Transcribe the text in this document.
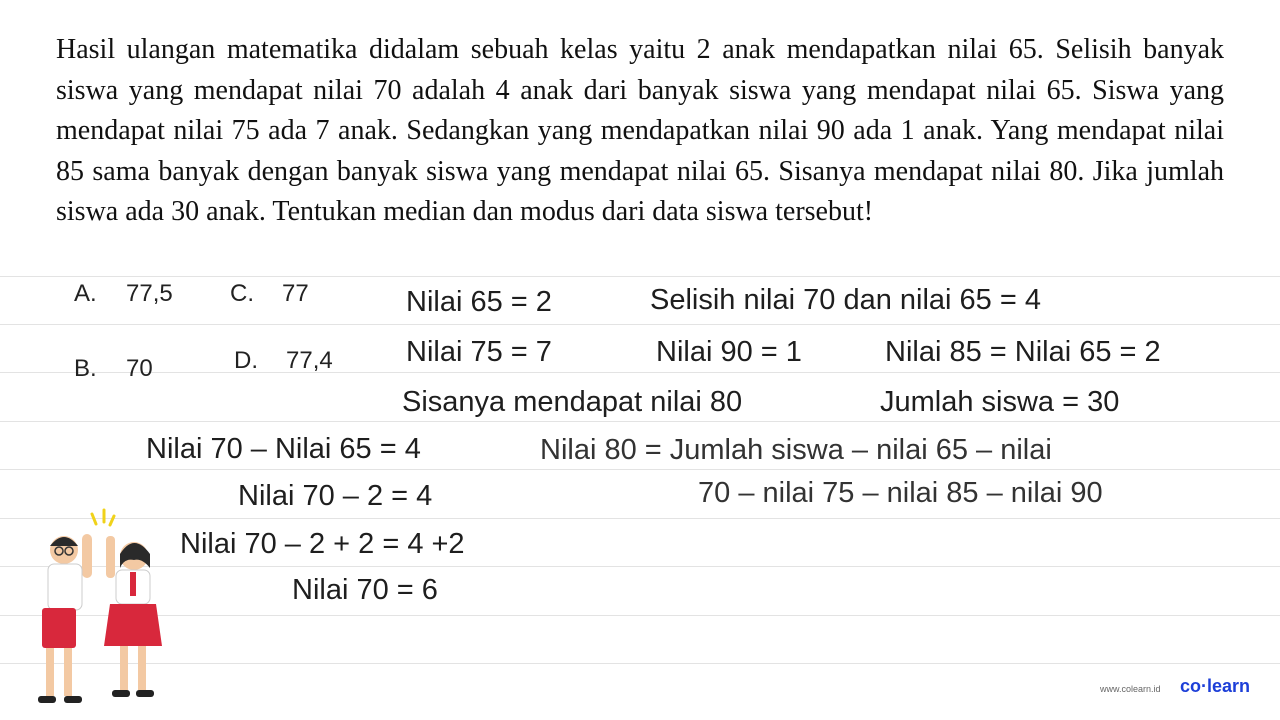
Hasil ulangan matematika didalam sebuah kelas yaitu 2 anak mendapatkan nilai 65. Selisih banyak siswa yang mendapat nilai 70 adalah 4 anak dari banyak siswa yang mendapat nilai 65. Siswa yang mendapat nilai 75 ada 7 anak. Sedangkan yang mendapatkan nilai 90 ada 1 anak. Yang mendapat nilai 85 sama banyak dengan banyak siswa yang mendapat nilai 65. Sisanya mendapat nilai 80. Jika jumlah siswa ada 30 anak. Tentukan median dan modus dari data siswa tersebut!
A. 77,5 C. 77
B. 70	D. 77,4
Nilai 65 = 2	Selisih nilai 70 dan nilai 65 = 4
Nilai 75 = 7	Nilai 90 = 1	Nilai 85 = Nilai 65 = 2
Sisanya mendapat nilai 80	Jumlah siswa = 30
Nilai 70 – Nilai 65 = 4
Nilai 70 – 2 = 4
Nilai 70 – 2 + 2 = 4 +2
Nilai 70 = 6
Nilai 80 = Jumlah siswa – nilai 65 – nilai
70 – nilai 75 – nilai 85 – nilai 90
www.colearn.id co·learn
